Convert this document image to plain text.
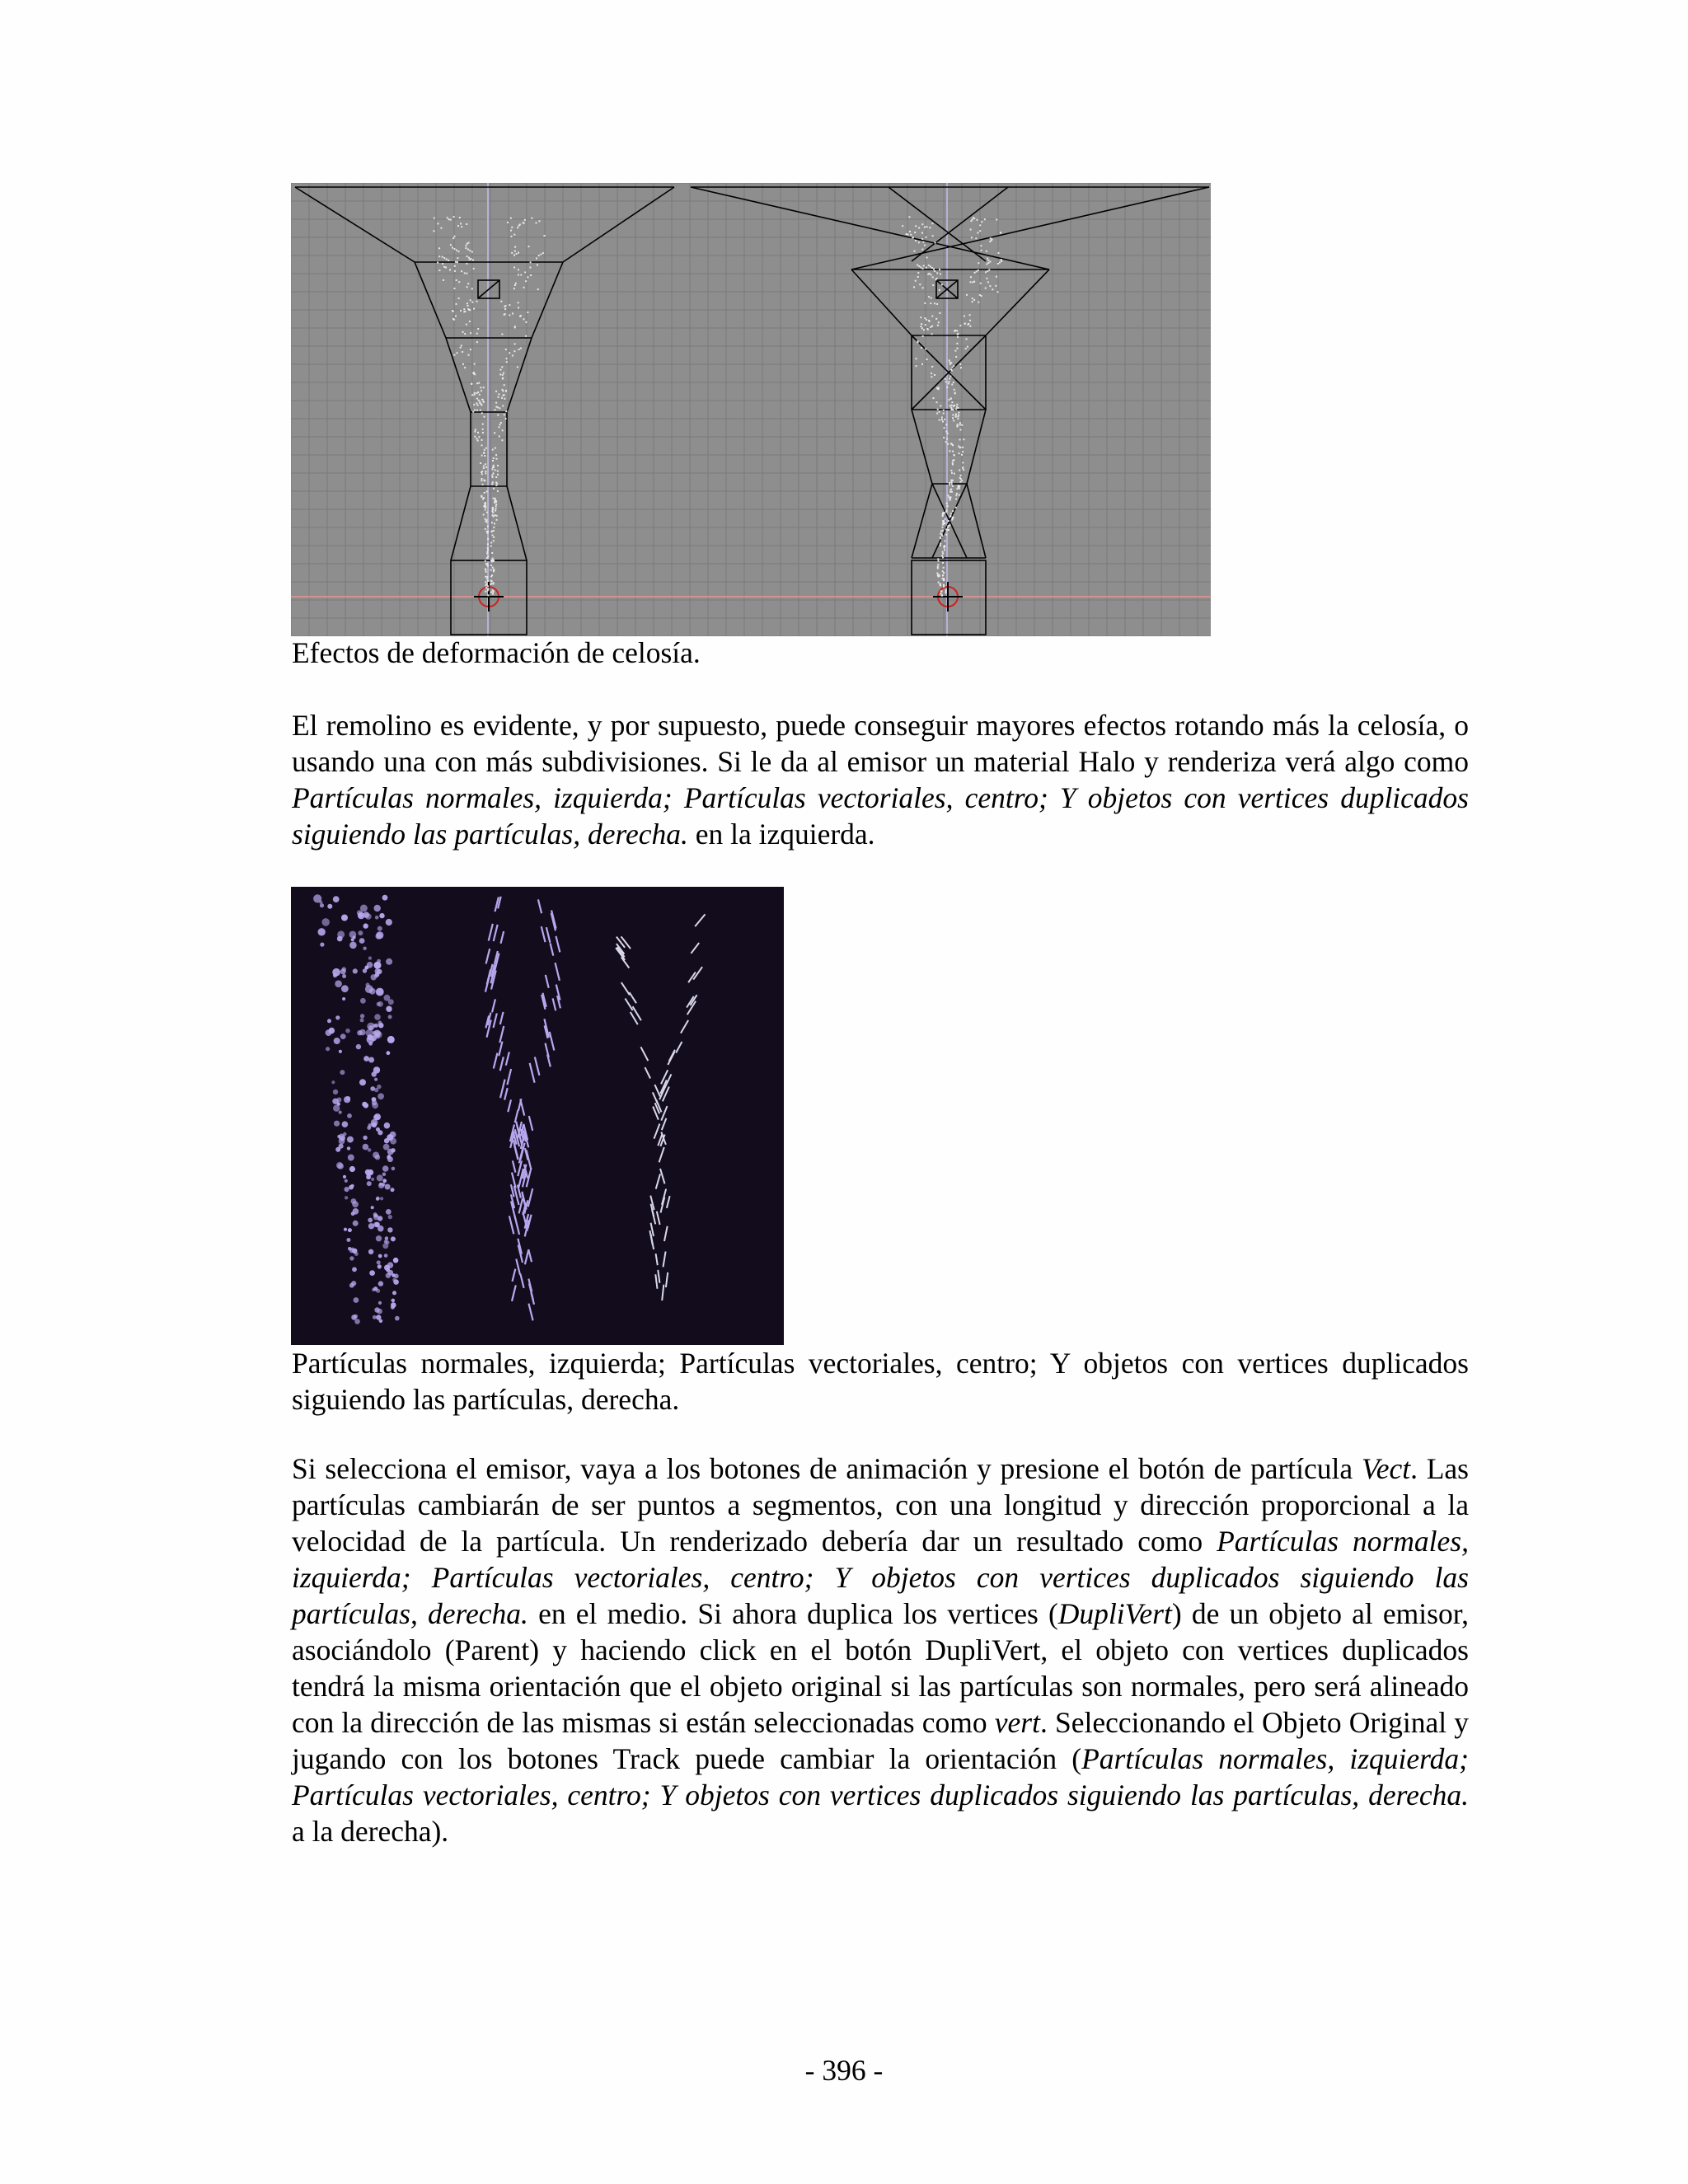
Efectos de deformación de celosía.

El remolino es evidente, y por supuesto, puede conseguir mayores efectos rotando más la celosía, o usando una con más subdivisiones. Si le da al emisor un material Halo y renderiza verá algo como Partículas normales, izquierda; Partículas vectoriales, centro; Y objetos con vertices duplicados siguiendo las partículas, derecha. en la izquierda.

Partículas normales, izquierda; Partículas vectoriales, centro; Y objetos con vertices duplicados siguiendo las partículas, derecha.

Si selecciona el emisor, vaya a los botones de animación y presione el botón de partícula Vect. Las partículas cambiarán de ser puntos a segmentos, con una longitud y dirección proporcional a la velocidad de la partícula. Un renderizado debería dar un resultado como Partículas normales, izquierda; Partículas vectoriales, centro; Y objetos con vertices duplicados siguiendo las partículas, derecha. en el medio. Si ahora duplica los vertices (DupliVert) de un objeto al emisor, asociándolo (Parent) y haciendo click en el botón DupliVert, el objeto con vertices duplicados tendrá la misma orientación que el objeto original si las partículas son normales, pero será alineado con la dirección de las mismas si están seleccionadas como vert. Seleccionando el Objeto Original y jugando con los botones Track puede cambiar la orientación (Partículas normales, izquierda; Partículas vectoriales, centro; Y objetos con vertices duplicados siguiendo las partículas, derecha. a la derecha).

- 396 -
